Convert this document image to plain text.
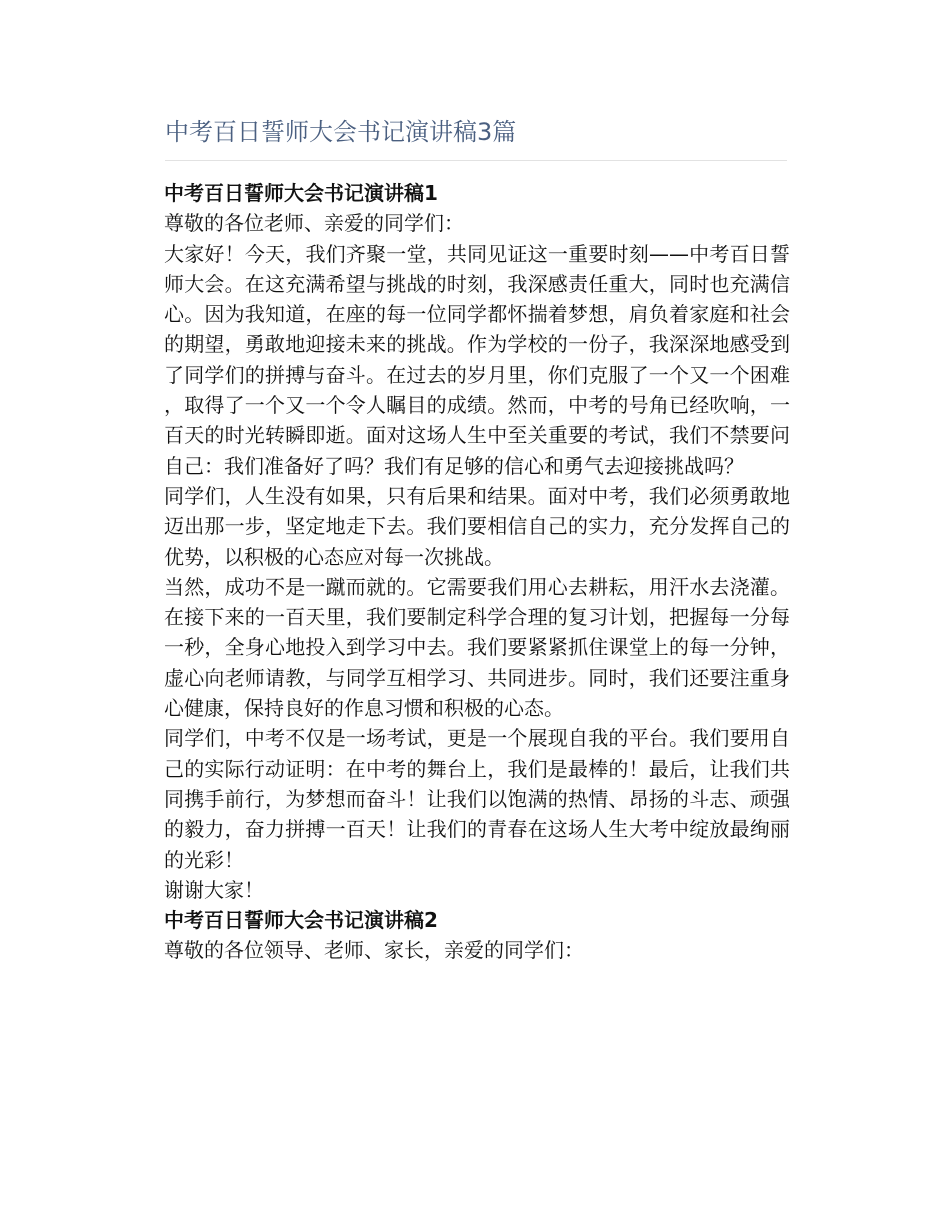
中考百日誓师大会书记演讲稿3篇

中考百日誓师大会书记演讲稿1

尊敬的各位老师、亲爱的同学们：

大家好！今天，我们齐聚一堂，共同见证这一重要时刻——中考百日誓师大会。在这充满希望与挑战的时刻，我深感责任重大，同时也充满信心。因为我知道，在座的每一位同学都怀揣着梦想，肩负着家庭和社会的期望，勇敢地迎接未来的挑战。作为学校的一份子，我深深地感受到了同学们的拼搏与奋斗。在过去的岁月里，你们克服了一个又一个困难，取得了一个又一个令人瞩目的成绩。然而，中考的号角已经吹响，一百天的时光转瞬即逝。面对这场人生中至关重要的考试，我们不禁要问自己：我们准备好了吗？我们有足够的信心和勇气去迎接挑战吗？

同学们，人生没有如果，只有后果和结果。面对中考，我们必须勇敢地迈出那一步，坚定地走下去。我们要相信自己的实力，充分发挥自己的优势，以积极的心态应对每一次挑战。

当然，成功不是一蹴而就的。它需要我们用心去耕耘，用汗水去浇灌。在接下来的一百天里，我们要制定科学合理的复习计划，把握每一分每一秒，全身心地投入到学习中去。我们要紧紧抓住课堂上的每一分钟，虚心向老师请教，与同学互相学习、共同进步。同时，我们还要注重身心健康，保持良好的作息习惯和积极的心态。

同学们，中考不仅是一场考试，更是一个展现自我的平台。我们要用自己的实际行动证明：在中考的舞台上，我们是最棒的！最后，让我们共同携手前行，为梦想而奋斗！让我们以饱满的热情、昂扬的斗志、顽强的毅力，奋力拼搏一百天！让我们的青春在这场人生大考中绽放最绚丽的光彩！

谢谢大家！

中考百日誓师大会书记演讲稿2

尊敬的各位领导、老师、家长，亲爱的同学们：
